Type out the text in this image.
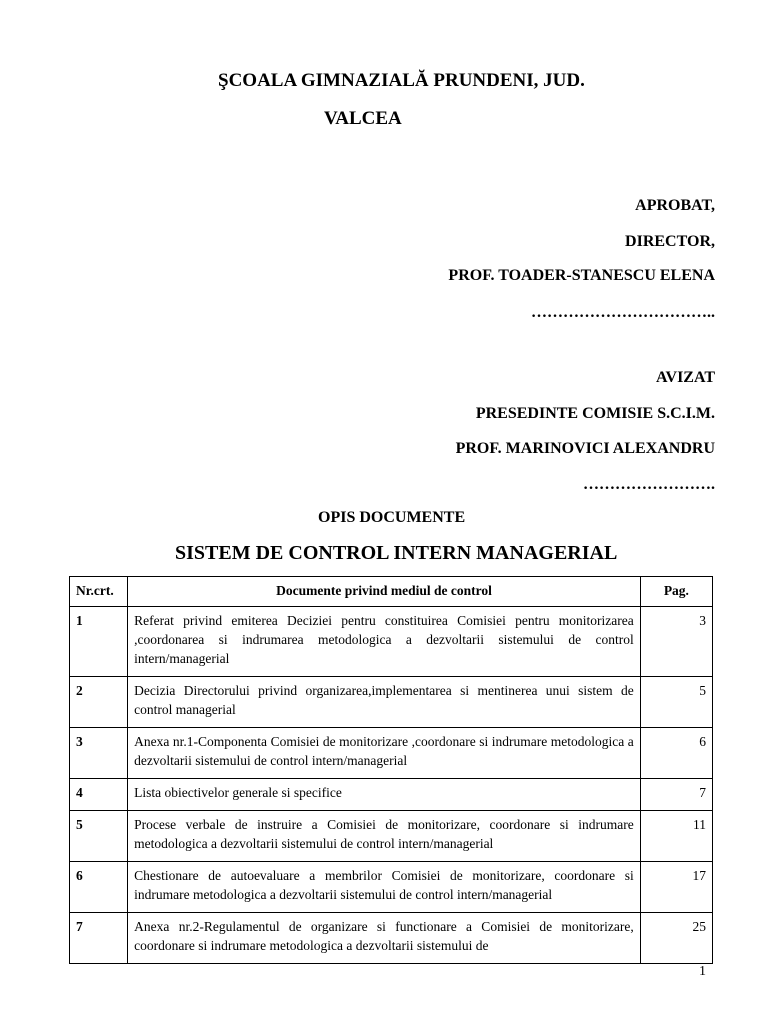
ŞCOALA GIMNAZIALĂ PRUNDENI, JUD.
VALCEA
APROBAT,
DIRECTOR,
PROF. TOADER-STANESCU ELENA
……………………………..
AVIZAT
PRESEDINTE COMISIE S.C.I.M.
PROF. MARINOVICI ALEXANDRU
…………………….
OPIS DOCUMENTE
SISTEM DE CONTROL INTERN MANAGERIAL
Nr.crt.	Documente privind mediul de control	Pag.
1	Referat privind emiterea Deciziei pentru constituirea Comisiei pentru monitorizarea ,coordonarea si indrumarea metodologica a dezvoltarii sistemului de control intern/managerial	3
2	Decizia Directorului privind organizarea,implementarea si mentinerea unui sistem de control managerial	5
3	Anexa nr.1-Componenta Comisiei de monitorizare ,coordonare si indrumare metodologica a dezvoltarii sistemului de control intern/managerial	6
4	Lista obiectivelor generale si specifice	7
5	Procese verbale de instruire a Comisiei de monitorizare, coordonare si indrumare metodologica a dezvoltarii sistemului de control intern/managerial	11
6	Chestionare de autoevaluare a membrilor Comisiei de monitorizare, coordonare si indrumare metodologica a dezvoltarii sistemului de control intern/managerial	17
7	Anexa nr.2-Regulamentul de organizare si functionare a Comisiei de monitorizare, coordonare si indrumare metodologica a dezvoltarii sistemului de	25
1
